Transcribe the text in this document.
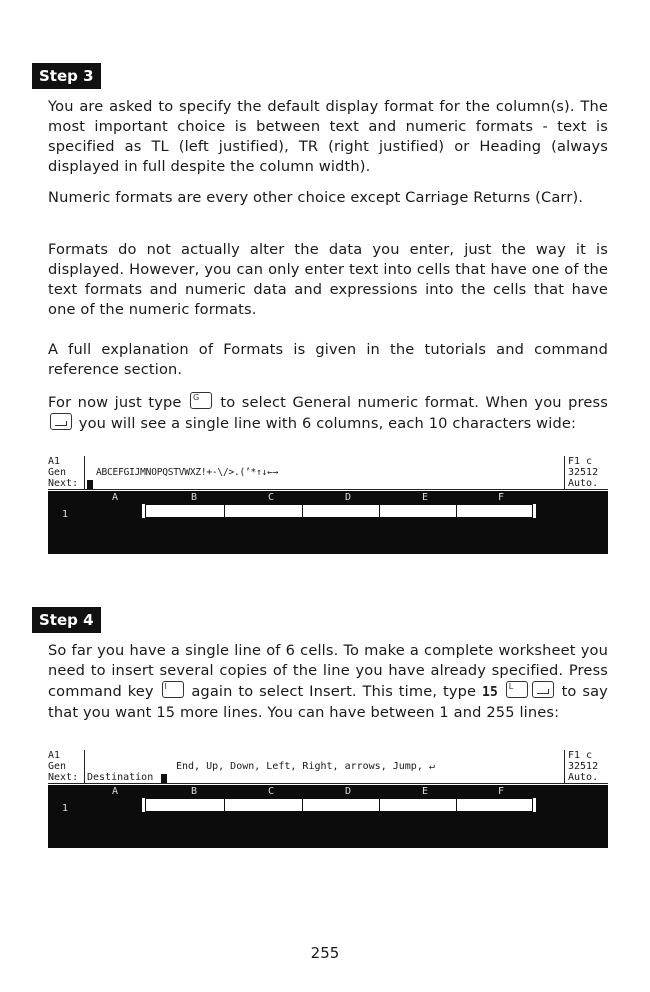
Step 3

You are asked to specify the default display format for the column(s). The most important choice is between text and numeric formats - text is specified as TL (left justified), TR (right justified) or Heading (always displayed in full despite the column width).

Numeric formats are every other choice except Carriage Returns (Carr).

Formats do not actually alter the data you enter, just the way it is displayed. However, you can only enter text into cells that have one of the text formats and numeric data and expressions into the cells that have one of the numeric formats.

A full explanation of Formats is given in the tutorials and command reference section.

For now just type G to select General numeric format. When you press  you will see a single line with 6 columns, each 10 characters wide:

A1
Gen
Next:
ABCEFGIJMNOPQSTVWXZ!+-\/>.(’*↑↓←→
F1 c
32512
Auto.
A	B	C	D	E	F
1
Step 4

So far you have a single line of 6 cells. To make a complete worksheet you need to insert several copies of the line you have already specified. Press command key I again to select Insert. This time, type 15 L	to say that you want 15 more lines. You can have between 1 and 255 lines:

A1
Gen
Next: Destination
End, Up, Down, Left, Right, arrows, Jump, ↵
F1 c
32512
Auto.
A	B	C	D	E	F
1
255
